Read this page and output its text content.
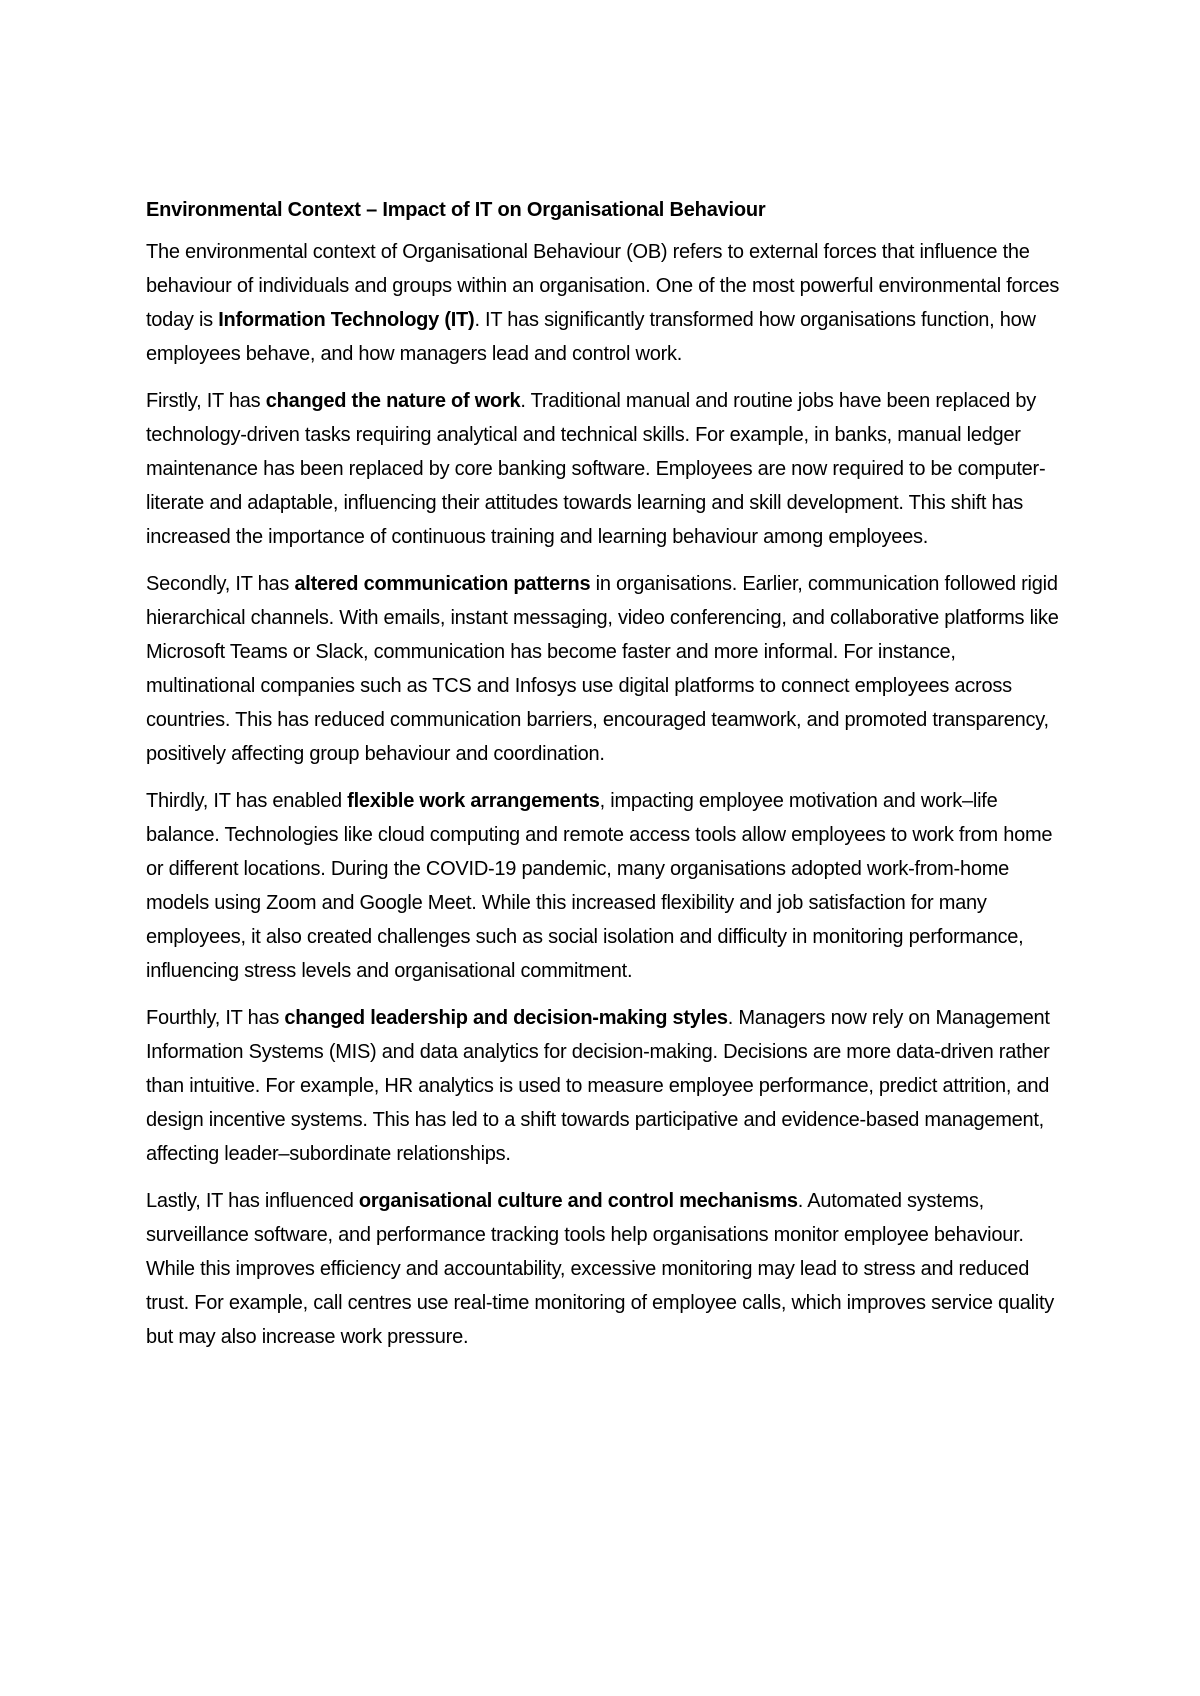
Environmental Context – Impact of IT on Organisational Behaviour

The environmental context of Organisational Behaviour (OB) refers to external forces that influence the behaviour of individuals and groups within an organisation. One of the most powerful environmental forces today is Information Technology (IT). IT has significantly transformed how organisations function, how employees behave, and how managers lead and control work.

Firstly, IT has changed the nature of work. Traditional manual and routine jobs have been replaced by technology-driven tasks requiring analytical and technical skills. For example, in banks, manual ledger maintenance has been replaced by core banking software. Employees are now required to be computer-literate and adaptable, influencing their attitudes towards learning and skill development. This shift has increased the importance of continuous training and learning behaviour among employees.

Secondly, IT has altered communication patterns in organisations. Earlier, communication followed rigid hierarchical channels. With emails, instant messaging, video conferencing, and collaborative platforms like Microsoft Teams or Slack, communication has become faster and more informal. For instance, multinational companies such as TCS and Infosys use digital platforms to connect employees across countries. This has reduced communication barriers, encouraged teamwork, and promoted transparency, positively affecting group behaviour and coordination.

Thirdly, IT has enabled flexible work arrangements, impacting employee motivation and work–life balance. Technologies like cloud computing and remote access tools allow employees to work from home or different locations. During the COVID-19 pandemic, many organisations adopted work-from-home models using Zoom and Google Meet. While this increased flexibility and job satisfaction for many employees, it also created challenges such as social isolation and difficulty in monitoring performance, influencing stress levels and organisational commitment.

Fourthly, IT has changed leadership and decision-making styles. Managers now rely on Management Information Systems (MIS) and data analytics for decision-making. Decisions are more data-driven rather than intuitive. For example, HR analytics is used to measure employee performance, predict attrition, and design incentive systems. This has led to a shift towards participative and evidence-based management, affecting leader–subordinate relationships.

Lastly, IT has influenced organisational culture and control mechanisms. Automated systems, surveillance software, and performance tracking tools help organisations monitor employee behaviour. While this improves efficiency and accountability, excessive monitoring may lead to stress and reduced trust. For example, call centres use real-time monitoring of employee calls, which improves service quality but may also increase work pressure.
